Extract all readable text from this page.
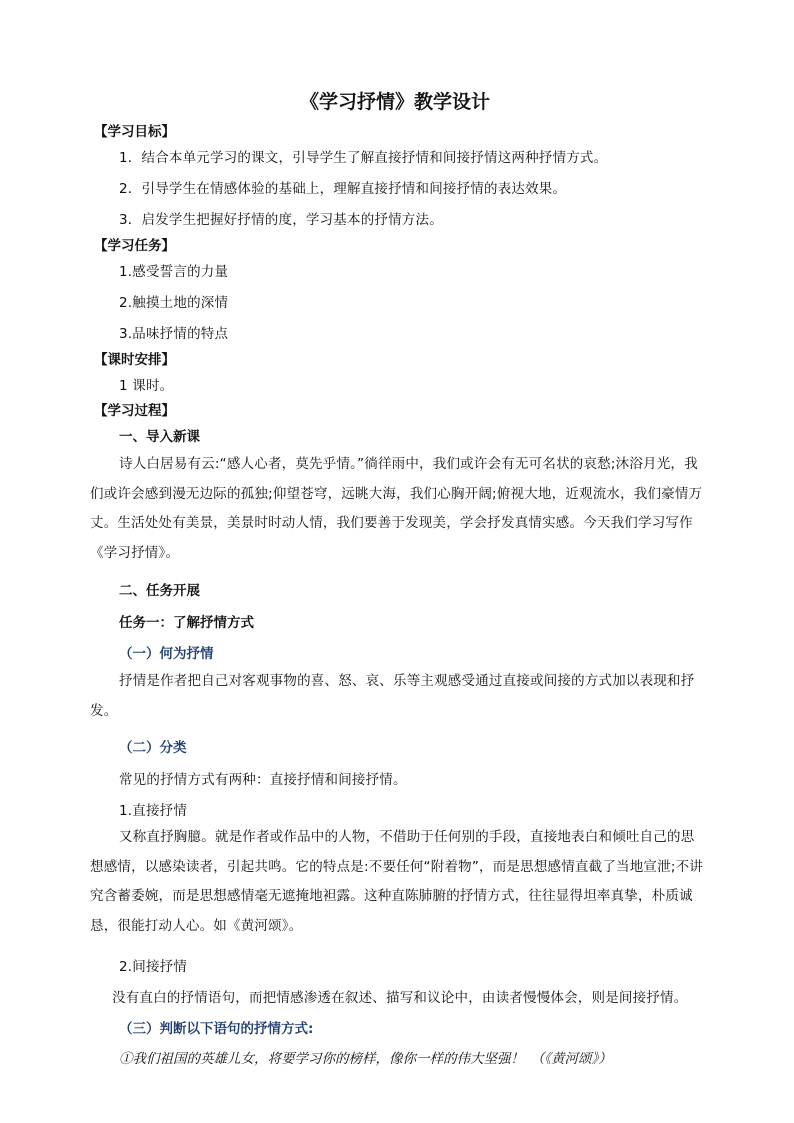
《学习抒情》教学设计
【学习目标】
1．结合本单元学习的课文，引导学生了解直接抒情和间接抒情这两种抒情方式。
2．引导学生在情感体验的基础上，理解直接抒情和间接抒情的表达效果。
3．启发学生把握好抒情的度，学习基本的抒情方法。
【学习任务】
1.感受誓言的力量
2.触摸土地的深情
3.品味抒情的特点
【课时安排】
1 课时。
【学习过程】
一、导入新课
诗人白居易有云:“感人心者，莫先乎情。”徜徉雨中，我们或许会有无可名状的哀愁;沐浴月光，我们或许会感到漫无边际的孤独;仰望苍穹，远眺大海，我们心胸开阔;俯视大地，近观流水，我们豪情万丈。生活处处有美景，美景时时动人情，我们要善于发现美，学会抒发真情实感。今天我们学习写作《学习抒情》。
二、任务开展
任务一：了解抒情方式
（一）何为抒情
抒情是作者把自己对客观事物的喜、怒、哀、乐等主观感受通过直接或间接的方式加以表现和抒发。
（二）分类
常见的抒情方式有两种：直接抒情和间接抒情。
1.直接抒情
又称直抒胸臆。就是作者或作品中的人物，不借助于任何别的手段，直接地表白和倾吐自己的思想感情，以感染读者，引起共鸣。它的特点是:不要任何“附着物”，而是思想感情直截了当地宣泄;不讲究含蓄委婉，而是思想感情毫无遮掩地袒露。这种直陈肺腑的抒情方式，往往显得坦率真挚，朴质诚恳，很能打动人心。如《黄河颂》。
2.间接抒情
没有直白的抒情语句，而把情感渗透在叙述、描写和议论中，由读者慢慢体会，则是间接抒情。
（三）判断以下语句的抒情方式:
①我们祖国的英雄儿女，将要学习你的榜样，像你一样的伟大坚强！　（《黄河颂》）
